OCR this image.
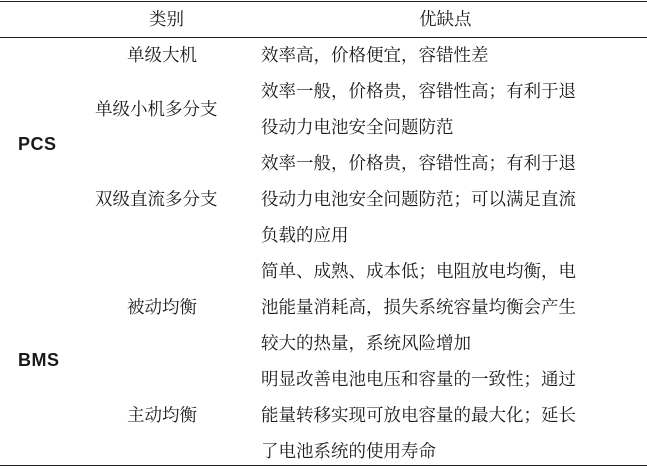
类别	优缺点
PCS
单级大机	效率高，价格便宜，容错性差
单级小机多分支
效率一般，价格贵，容错性高；有利于退
役动力电池安全问题防范
双级直流多分支
效率一般，价格贵，容错性高；有利于退
役动力电池安全问题防范；可以满足直流
负载的应用
BMS
被动均衡
简单、成熟、成本低；电阻放电均衡，电
池能量消耗高，损失系统容量均衡会产生
较大的热量，系统风险增加
主动均衡
明显改善电池电压和容量的一致性；通过
能量转移实现可放电容量的最大化；延长
了电池系统的使用寿命
